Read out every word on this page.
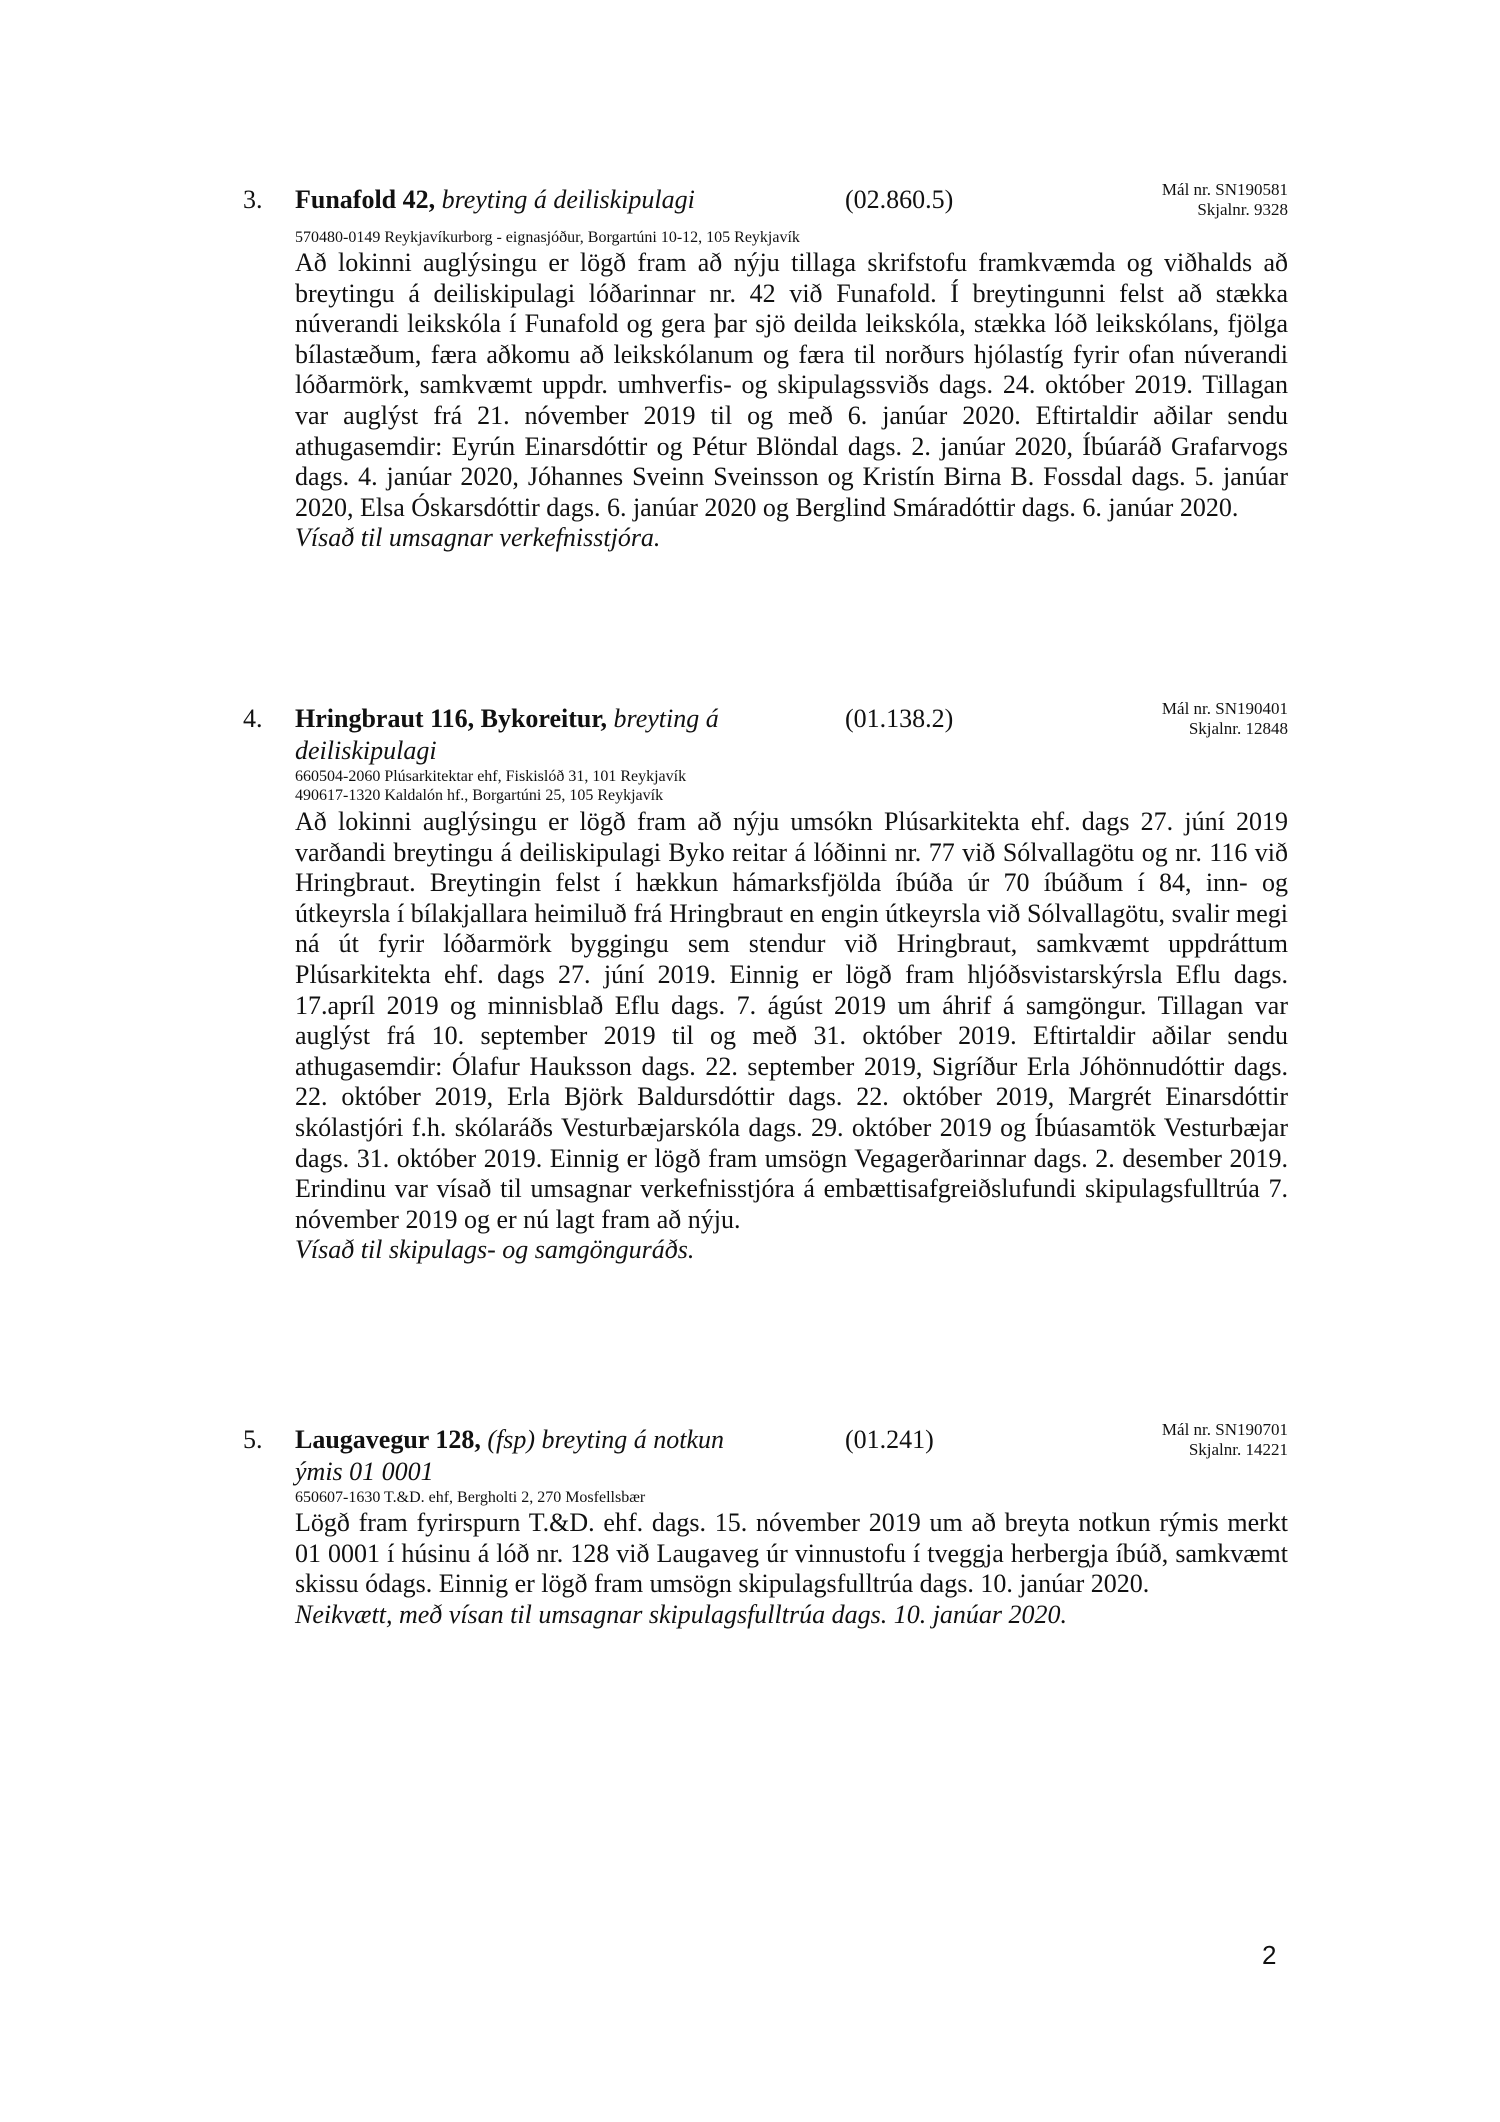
3. Funafold 42, breyting á deiliskipulagi	(02.860.5)	Mál nr. SN190581
Skjalnr. 9328
570480-0149 Reykjavíkurborg - eignasjóður, Borgartúni 10-12, 105 Reykjavík

Að lokinni auglýsingu er lögð fram að nýju tillaga skrifstofu framkvæmda og viðhalds að breytingu á deiliskipulagi lóðarinnar nr. 42 við Funafold. Í breytingunni felst að stækka núverandi leikskóla í Funafold og gera þar sjö deilda leikskóla, stækka lóð leikskólans, fjölga bílastæðum, færa aðkomu að leikskólanum og færa til norðurs hjólastíg fyrir ofan núverandi lóðarmörk, samkvæmt uppdr. umhverfis- og skipulagssviðs dags. 24. október 2019. Tillagan var auglýst frá 21. nóvember 2019 til og með 6. janúar 2020. Eftirtaldir aðilar sendu athugasemdir: Eyrún Einarsdóttir og Pétur Blöndal dags. 2. janúar 2020, Íbúaráð Grafarvogs dags. 4. janúar 2020, Jóhannes Sveinn Sveinsson og Kristín Birna B. Fossdal dags. 5. janúar 2020, Elsa Óskarsdóttir dags. 6. janúar 2020 og Berglind Smáradóttir dags. 6. janúar 2020.

Vísað til umsagnar verkefnisstjóra.

4. Hringbraut 116, Bykoreitur, breyting á deiliskipulagi
(01.138.2)	Mál nr. SN190401
Skjalnr. 12848
660504-2060 Plúsarkitektar ehf, Fiskislóð 31, 101 Reykjavík
490617-1320 Kaldalón hf., Borgartúni 25, 105 Reykjavík

Að lokinni auglýsingu er lögð fram að nýju umsókn Plúsarkitekta ehf. dags 27. júní 2019 varðandi breytingu á deiliskipulagi Byko reitar á lóðinni nr. 77 við Sólvallagötu og nr. 116 við Hringbraut. Breytingin felst í hækkun hámarksfjölda íbúða úr 70 íbúðum í 84, inn- og útkeyrsla í bílakjallara heimiluð frá Hringbraut en engin útkeyrsla við Sólvallagötu, svalir megi ná út fyrir lóðarmörk byggingu sem stendur við Hringbraut, samkvæmt uppdráttum Plúsarkitekta ehf. dags 27. júní 2019. Einnig er lögð fram hljóðsvistarskýrsla Eflu dags. 17.apríl 2019 og minnisblað Eflu dags. 7. ágúst 2019 um áhrif á samgöngur. Tillagan var auglýst frá 10. september 2019 til og með 31. október 2019. Eftirtaldir aðilar sendu athugasemdir: Ólafur Hauksson dags. 22. september 2019, Sigríður Erla Jóhönnudóttir dags. 22. október 2019, Erla Björk Baldursdóttir dags. 22. október 2019, Margrét Einarsdóttir skólastjóri f.h. skólaráðs Vesturbæjarskóla dags. 29. október 2019 og Íbúasamtök Vesturbæjar dags. 31. október 2019. Einnig er lögð fram umsögn Vegagerðarinnar dags. 2. desember 2019. Erindinu var vísað til umsagnar verkefnisstjóra á embættisafgreiðslufundi skipulagsfulltrúa 7. nóvember 2019 og er nú lagt fram að nýju.

Vísað til skipulags- og samgönguráðs.

5. Laugavegur 128, (fsp) breyting á notkun ýmis 01 0001
(01.241)	Mál nr. SN190701
Skjalnr. 14221
650607-1630 T.&D. ehf, Bergholti 2, 270 Mosfellsbær

Lögð fram fyrirspurn T.&D. ehf. dags. 15. nóvember 2019 um að breyta notkun rýmis merkt 01 0001 í húsinu á lóð nr. 128 við Laugaveg úr vinnustofu í tveggja herbergja íbúð, samkvæmt skissu ódags. Einnig er lögð fram umsögn skipulagsfulltrúa dags. 10. janúar 2020.

Neikvætt, með vísan til umsagnar skipulagsfulltrúa dags. 10. janúar 2020.

2
